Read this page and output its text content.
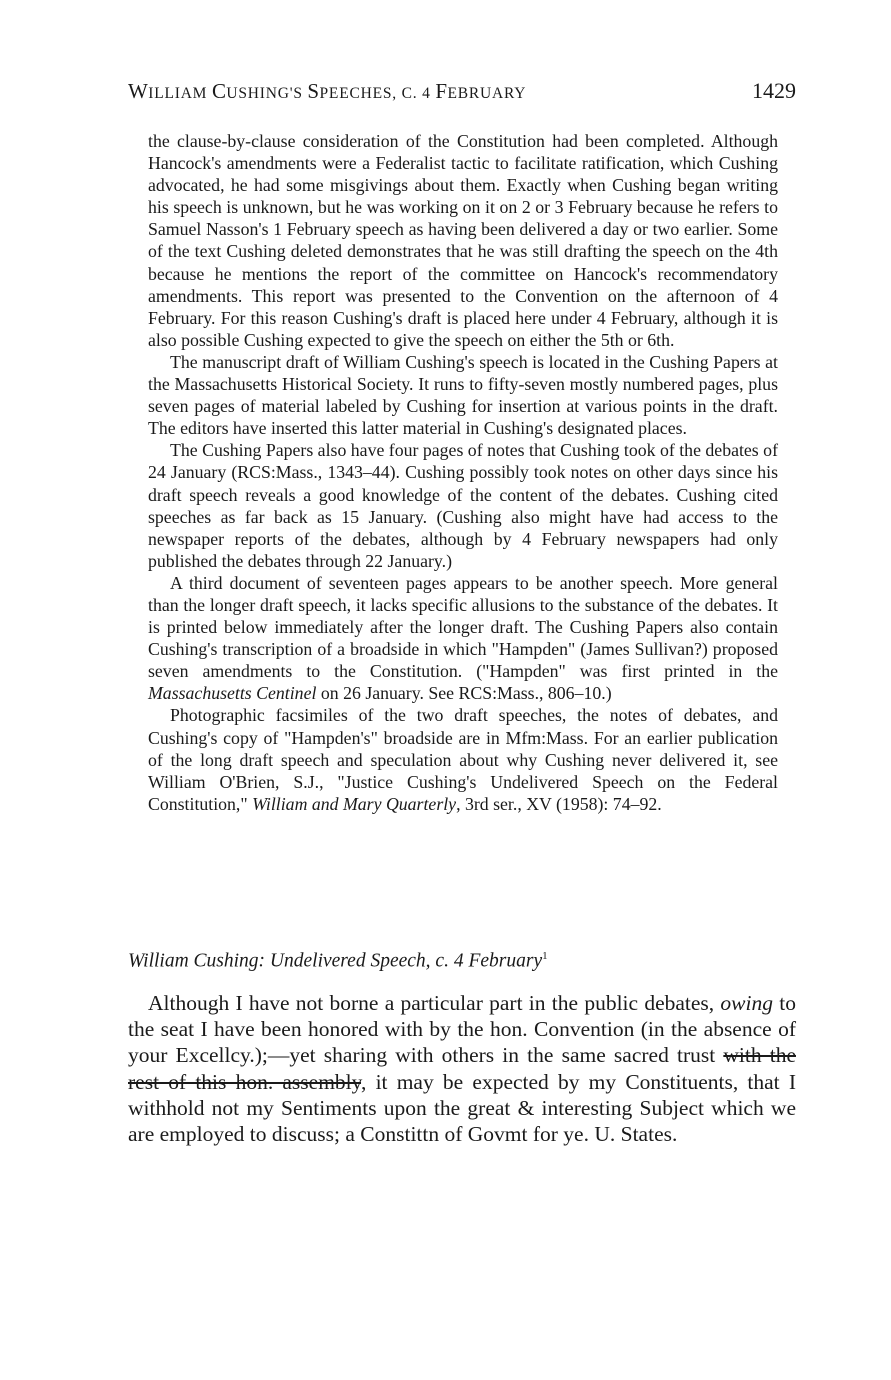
WILLIAM CUSHING'S SPEECHES, C. 4 FEBRUARY	1429

the clause-by-clause consideration of the Constitution had been completed. Although Hancock's amendments were a Federalist tactic to facilitate ratification, which Cushing advocated, he had some misgivings about them. Exactly when Cushing began writing his speech is unknown, but he was working on it on 2 or 3 February because he refers to Samuel Nasson's 1 February speech as having been delivered a day or two earlier. Some of the text Cushing deleted demonstrates that he was still drafting the speech on the 4th because he mentions the report of the committee on Hancock's recommendatory amendments. This report was presented to the Convention on the afternoon of 4 February. For this reason Cushing's draft is placed here under 4 February, although it is also possible Cushing expected to give the speech on either the 5th or 6th.

The manuscript draft of William Cushing's speech is located in the Cushing Papers at the Massachusetts Historical Society. It runs to fifty-seven mostly numbered pages, plus seven pages of material labeled by Cushing for insertion at various points in the draft. The editors have inserted this latter material in Cushing's designated places.

The Cushing Papers also have four pages of notes that Cushing took of the debates of 24 January (RCS:Mass., 1343–44). Cushing possibly took notes on other days since his draft speech reveals a good knowledge of the content of the debates. Cushing cited speeches as far back as 15 January. (Cushing also might have had access to the newspaper reports of the debates, although by 4 February newspapers had only published the debates through 22 January.)

A third document of seventeen pages appears to be another speech. More general than the longer draft speech, it lacks specific allusions to the substance of the debates. It is printed below immediately after the longer draft. The Cushing Papers also contain Cushing's transcription of a broadside in which "Hampden" (James Sullivan?) proposed seven amendments to the Constitution. ("Hampden" was first printed in the Massachusetts Centinel on 26 January. See RCS:Mass., 806–10.)

Photographic facsimiles of the two draft speeches, the notes of debates, and Cushing's copy of "Hampden's" broadside are in Mfm:Mass. For an earlier publication of the long draft speech and speculation about why Cushing never delivered it, see William O'Brien, S.J., "Justice Cushing's Undelivered Speech on the Federal Constitution," William and Mary Quarterly, 3rd ser., XV (1958): 74–92.

William Cushing: Undelivered Speech, c. 4 February$^1$

Although I have not borne a particular part in the public debates, owing to the seat I have been honored with by the hon. Convention (in the absence of your Excellcy.);—yet sharing with others in the same sacred trust with the rest of this hon. assembly, it may be expected by my Constituents, that I withhold not my Sentiments upon the great & interesting Subject which we are employed to discuss; a Constittn of Govmt for ye. U. States.
